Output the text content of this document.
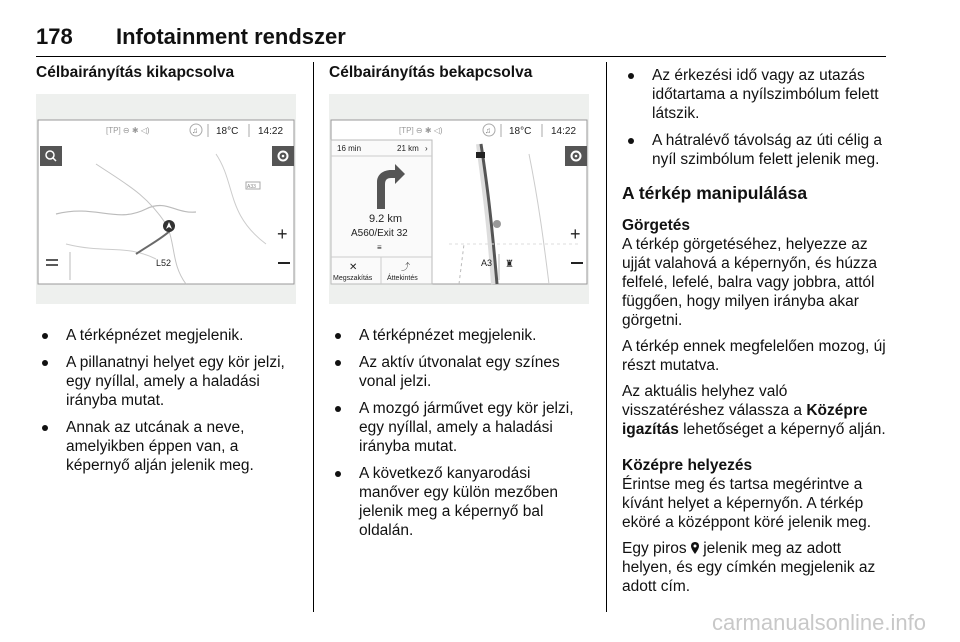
178 Infotainment rendszer
Célbairányítás kikapcsolva
[TP] ⊖ ✱ ◁)	♫ 18°C 14:22
A33
+
L52
A térképnézet megjelenik.
A pillanatnyi helyet egy kör jelzi, egy nyíllal, amely a haladási irányba mutat.
Annak az utcának a neve, amelyikben éppen van, a képernyő alján jelenik meg.
Célbairányítás bekapcsolva
[TP] ⊖ ✱ ◁)	♫ 18°C 14:22
16 min	21 km ›
9.2 km
A560/Exit 32
≡
✕
Megszakítás
⤴
Áttekintés
+
A3 ♜
A térképnézet megjelenik.
Az aktív útvonalat egy színes vonal jelzi.
A mozgó járművet egy kör jelzi, egy nyíllal, amely a haladási irányba mutat.
A következő kanyarodási manőver egy külön mezőben jelenik meg a képernyő bal oldalán.
Az érkezési idő vagy az utazás időtartama a nyílszimbólum felett látszik.
A hátralévő távolság az úti célig a nyíl szimbólum felett jelenik meg.
A térkép manipulálása
Görgetés

A térkép görgetéséhez, helyezze az ujját valahová a képernyőn, és húzza felfelé, lefelé, balra vagy jobbra, attól függően, hogy milyen irányba akar görgetni.

A térkép ennek megfelelően mozog, új részt mutatva.

Az aktuális helyhez való visszatéréshez válassza a Középre igazítás lehetőséget a képernyő alján.

Középre helyezés

Érintse meg és tartsa megérintve a kívánt helyet a képernyőn. A térkép eköré a középpont köré jelenik meg.

Egy piros  jelenik meg az adott helyen, és egy címkén megjelenik az adott cím.

carmanualsonline.info
